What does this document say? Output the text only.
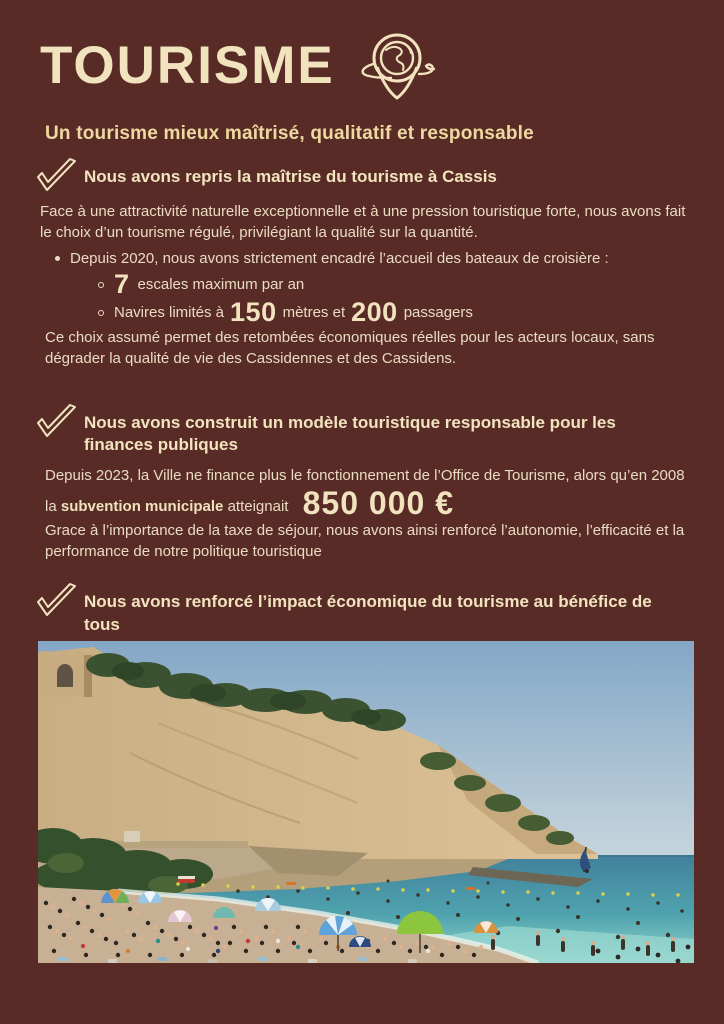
TOURISME
Un tourisme mieux maîtrisé, qualitatif et responsable
Nous avons repris la maîtrise du tourisme à Cassis

Face à une attractivité naturelle exceptionnelle et à une pression touristique forte, nous avons fait le choix d’un tourisme régulé, privilégiant la qualité sur la quantité.

Depuis 2020, nous avons strictement encadré l’accueil des bateaux de croisière :
7 escales maximum par an
Navires limités à 150 mètres et 200 passagers

Ce choix assumé permet des retombées économiques réelles pour les acteurs locaux, sans dégrader la qualité de vie des Cassidennes et des Cassidens.

Nous avons construit un modèle touristique responsable pour les finances publiques

Depuis 2023, la Ville ne finance plus le fonctionnement de l’Office de Tourisme, alors qu’en 2008 la subvention municipale atteignait 850 000 €

Grace à l’importance de la taxe de séjour, nous avons ainsi renforcé l’autonomie, l’efficacité et la performance de notre politique touristique

Nous avons renforcé l’impact économique du tourisme au bénéfice de tous
